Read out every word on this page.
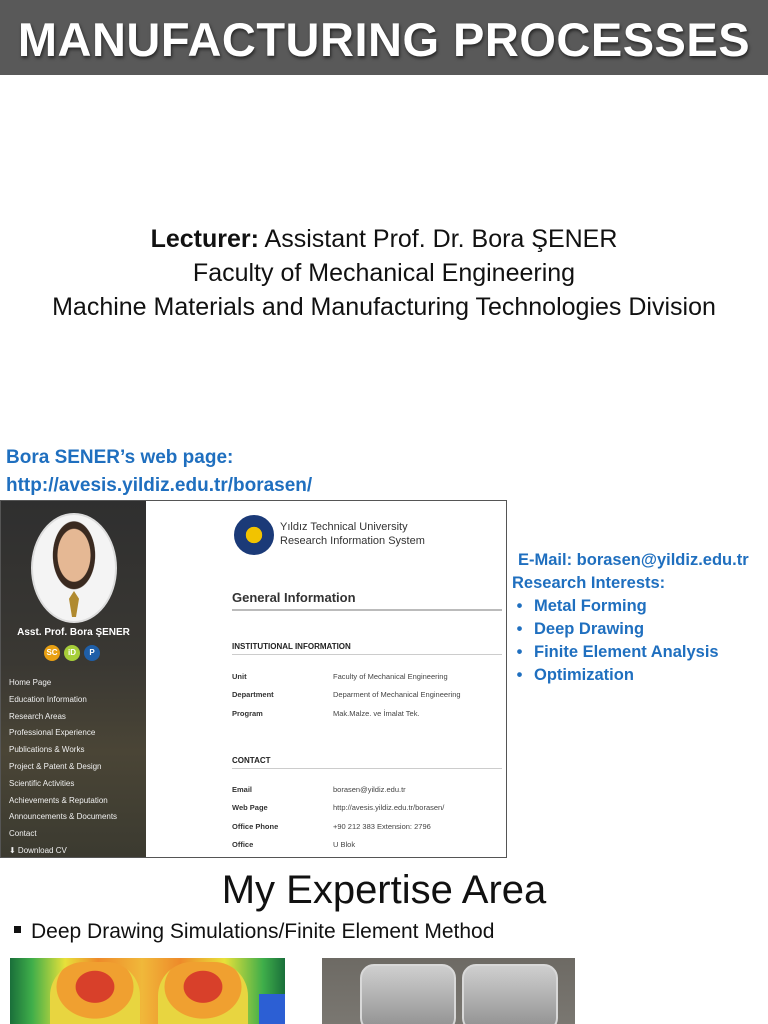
MANUFACTURING PROCESSES
Lecturer: Assistant Prof. Dr. Bora ŞENER
Faculty of Mechanical Engineering
Machine Materials and Manufacturing Technologies Division
Bora SENER’s web page:
http://avesis.yildiz.edu.tr/borasen/
Asst. Prof. Bora ŞENER
SC	iD	P
Home Page
Education Information
Research Areas
Professional Experience
Publications & Works
Project & Patent & Design
Scientific Activities
Achievements & Reputation
Announcements & Documents
Contact
⬇ Download CV
Yıldız Technical University
Research Information System
General Information
INSTITUTIONAL INFORMATION
Unit	Faculty of Mechanical Engineering
Department	Deparment of Mechanical Engineering
Program	Mak.Malze. ve İmalat Tek.
CONTACT
Email	borasen@yildiz.edu.tr
Web Page	http://avesis.yildiz.edu.tr/borasen/
Office Phone	+90 212 383 Extension: 2796
Office	U Blok
E-Mail: borasen@yildiz.edu.tr
Research Interests:
• Metal Forming
• Deep Drawing
• Finite Element Analysis
• Optimization
My Expertise Area
Deep Drawing Simulations/Finite Element Method
